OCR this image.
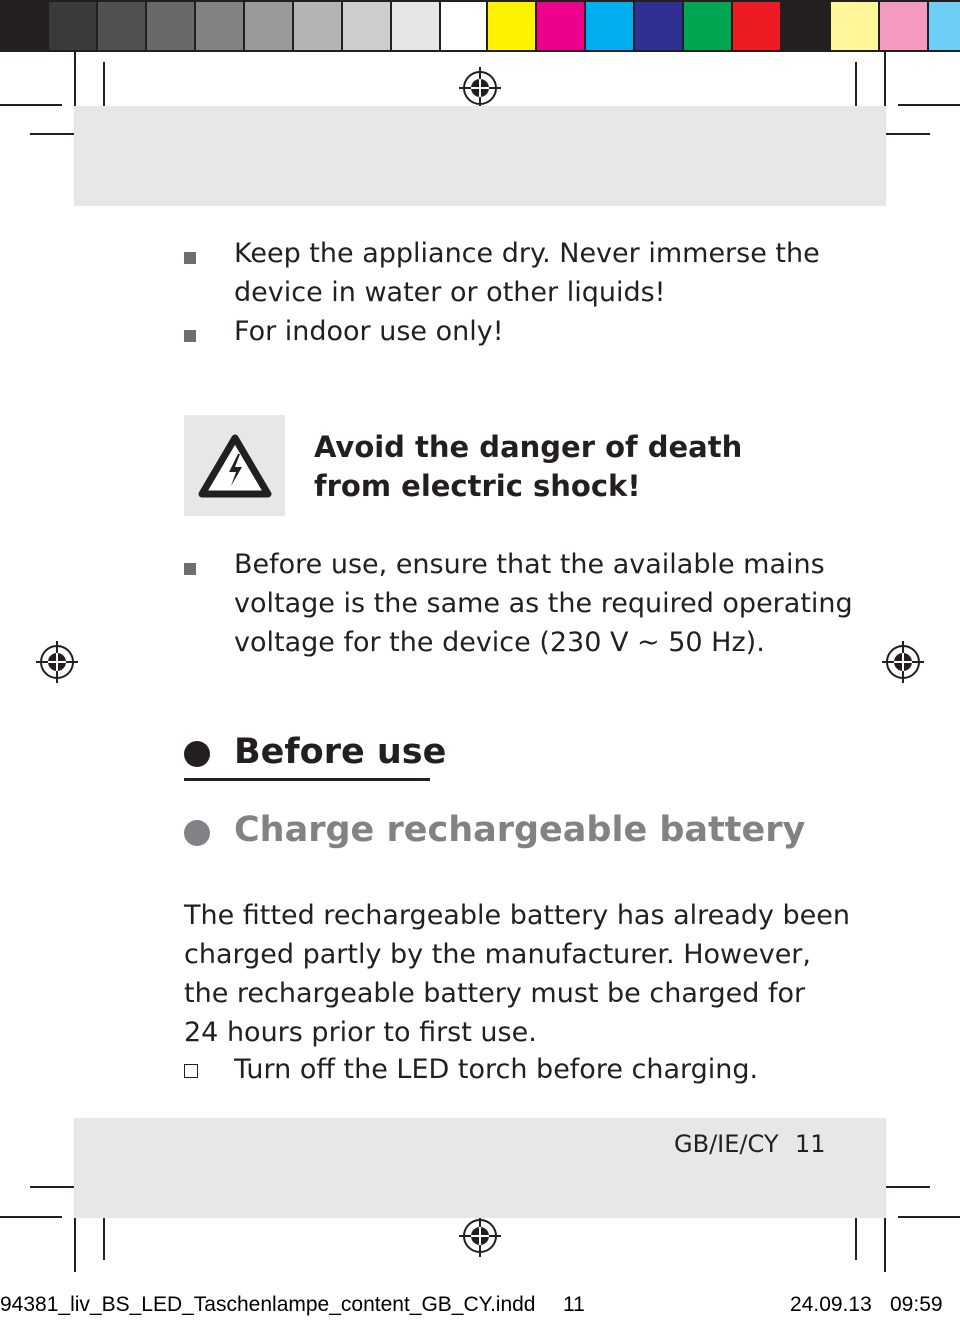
Keep the appliance dry. Never immerse the
device in water or other liquids!
For indoor use only!
Avoid the danger of death
from electric shock!
Before use, ensure that the available mains
voltage is the same as the required operating
voltage for the device (230 V ~ 50 Hz).
Before use
Charge rechargeable battery
The fitted rechargeable battery has already been
charged partly by the manufacturer. However,
the rechargeable battery must be charged for
24 hours prior to first use.
Turn off the LED torch before charging.
GB/IE/CY 11
94381_liv_BS_LED_Taschenlampe_content_GB_CY.indd 11	24.09.13 09:59
